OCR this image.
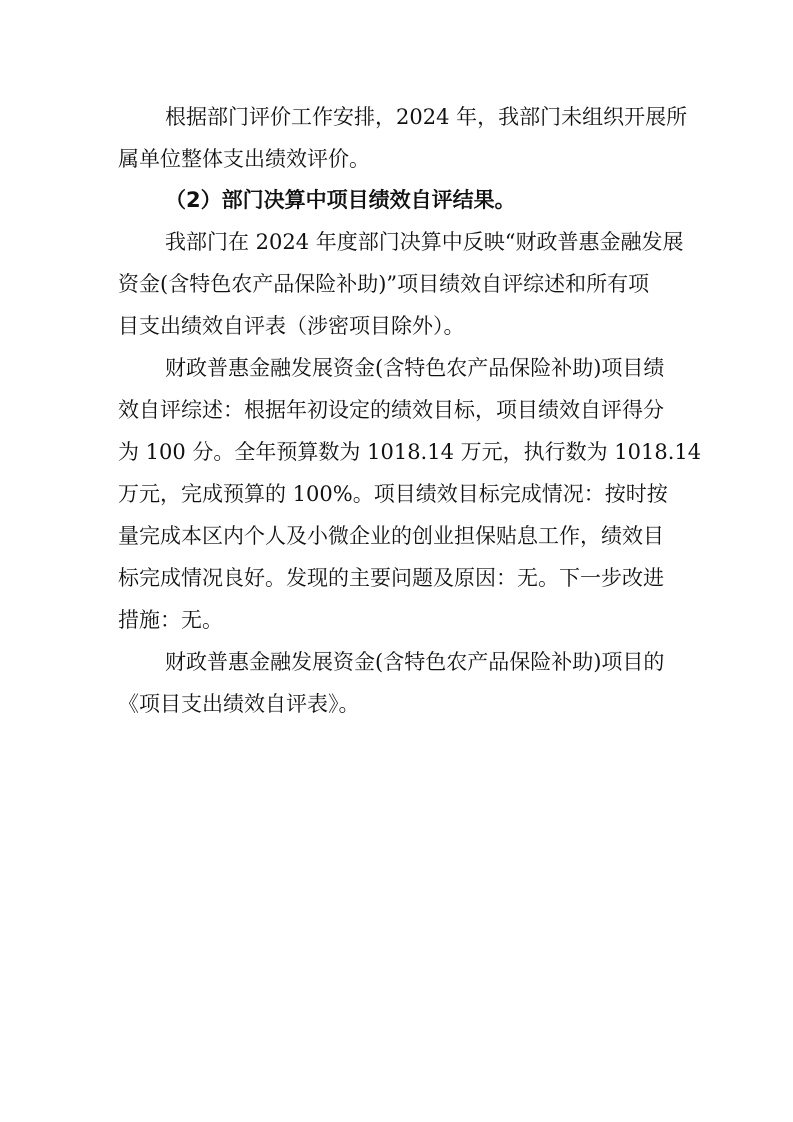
根据部门评价工作安排，2024 年，我部门未组织开展所
属单位整体支出绩效评价。
（2）部门决算中项目绩效自评结果。
我部门在 2024 年度部门决算中反映“财政普惠金融发展
资金(含特色农产品保险补助)”项目绩效自评综述和所有项
目支出绩效自评表（涉密项目除外）。
财政普惠金融发展资金(含特色农产品保险补助)项目绩
效自评综述：根据年初设定的绩效目标，项目绩效自评得分
为 100 分。全年预算数为 1018.14 万元，执行数为 1018.14
万元，完成预算的 100%。项目绩效目标完成情况：按时按
量完成本区内个人及小微企业的创业担保贴息工作，绩效目
标完成情况良好。发现的主要问题及原因：无。下一步改进
措施：无。
财政普惠金融发展资金(含特色农产品保险补助)项目的
《项目支出绩效自评表》。
